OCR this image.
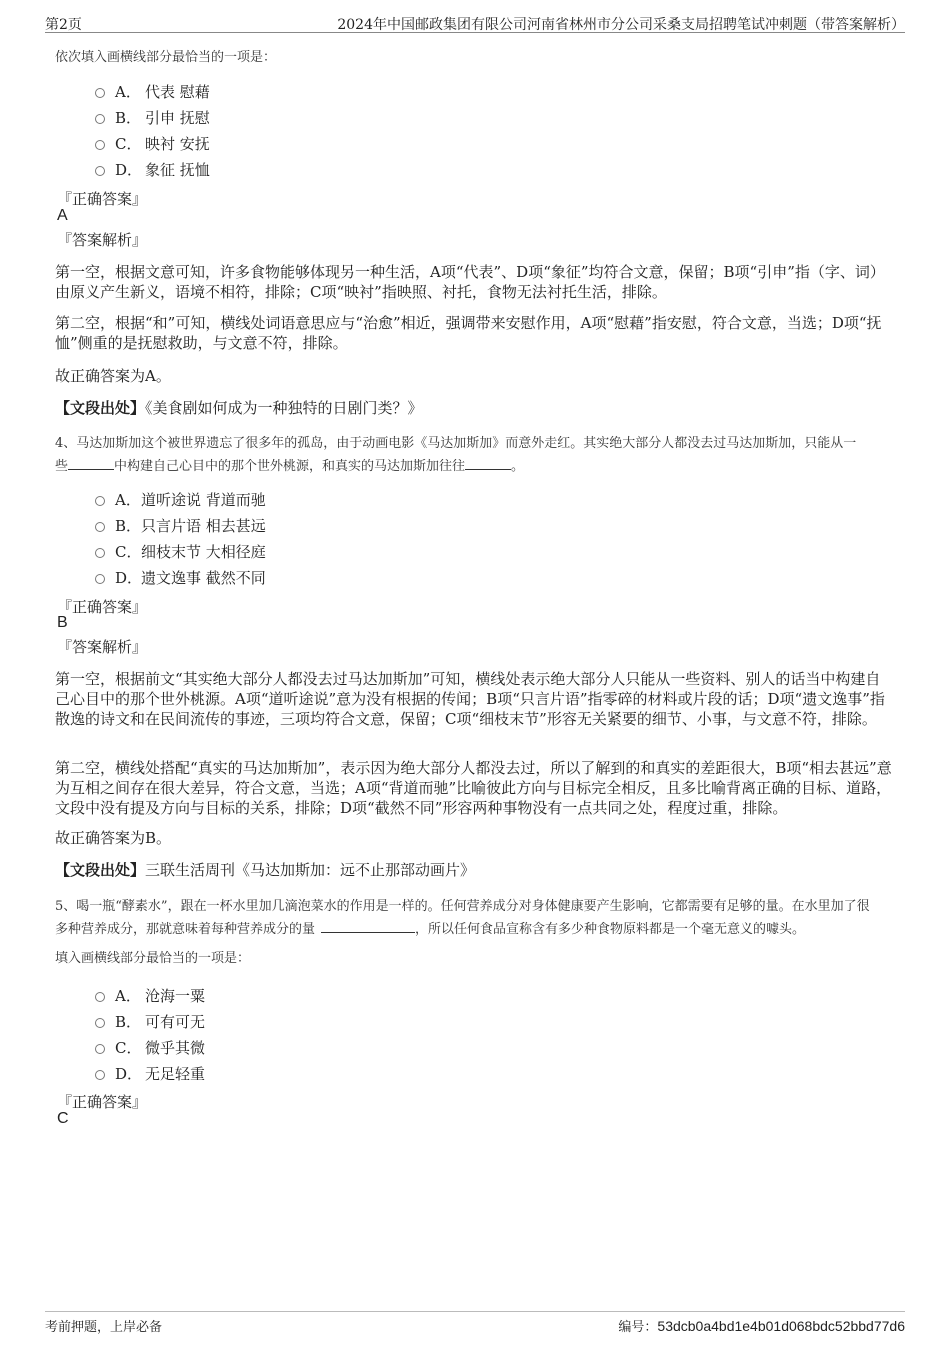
第2页	2024年中国邮政集团有限公司河南省林州市分公司采桑支局招聘笔试冲刺题（带答案解析）
依次填入画横线部分最恰当的一项是：
A． 代表 慰藉
B． 引申 抚慰
C． 映衬 安抚
D． 象征 抚恤
『正确答案』
A
『答案解析』
第一空，根据文意可知，许多食物能够体现另一种生活，A项“代表”、D项“象征”均符合文意，保留；B项“引申”指（字、词）由原义产生新义，语境不相符，排除；C项“映衬”指映照、衬托，食物无法衬托生活，排除。
第二空，根据“和”可知，横线处词语意思应与“治愈”相近，强调带来安慰作用，A项“慰藉”指安慰，符合文意，当选；D项“抚恤”侧重的是抚慰救助，与文意不符，排除。
故正确答案为A。
【文段出处】《美食剧如何成为一种独特的日剧门类？》
4、马达加斯加这个被世界遗忘了很多年的孤岛，由于动画电影《马达加斯加》而意外走红。其实绝大部分人都没去过马达加斯加，只能从一
些	中构建自己心目中的那个世外桃源，和真实的马达加斯加往往	。
A． 道听途说 背道而驰
B． 只言片语 相去甚远
C． 细枝末节 大相径庭
D．
遗文逸事 截然不同
『正确答案』
B
『答案解析』
第一空，根据前文“其实绝大部分人都没去过马达加斯加”可知，横线处表示绝大部分人只能从一些资料、别人的话当中构建自己心目中的那个世外桃源。A项“道听途说”意为没有根据的传闻；B项“只言片语”指零碎的材料或片段的话；D项“遗文逸事”指散逸的诗文和在民间流传的事迹，三项均符合文意，保留；C项“细枝末节”形容无关紧要的细节、小事，与文意不符，排除。
第二空，横线处搭配“真实的马达加斯加”，表示因为绝大部分人都没去过，所以了解到的和真实的差距很大，B项“相去甚远”意为互相之间存在很大差异，符合文意，当选；A项“背道而驰”比喻彼此方向与目标完全相反，且多比喻背离正确的目标、道路，文段中没有提及方向与目标的关系，排除；D项“截然不同”形容两种事物没有一点共同之处，程度过重，排除。
故正确答案为B。
【文段出处】三联生活周刊《马达加斯加：远不止那部动画片》
5、喝一瓶“酵素水”，跟在一杯水里加几滴泡菜水的作用是一样的。任何营养成分对身体健康要产生影响，它都需要有足够的量。在水里加了很
多种营养成分，那就意味着每种营养成分的量	，所以任何食品宣称含有多少种食物原料都是一个毫无意义的噱头。
填入画横线部分最恰当的一项是：
A． 沧海一粟
B． 可有可无
C． 微乎其微
D． 无足轻重
『正确答案』
C
考前押题，上岸必备	编号：53dcb0a4bd1e4b01d068bdc52bbd77d6
